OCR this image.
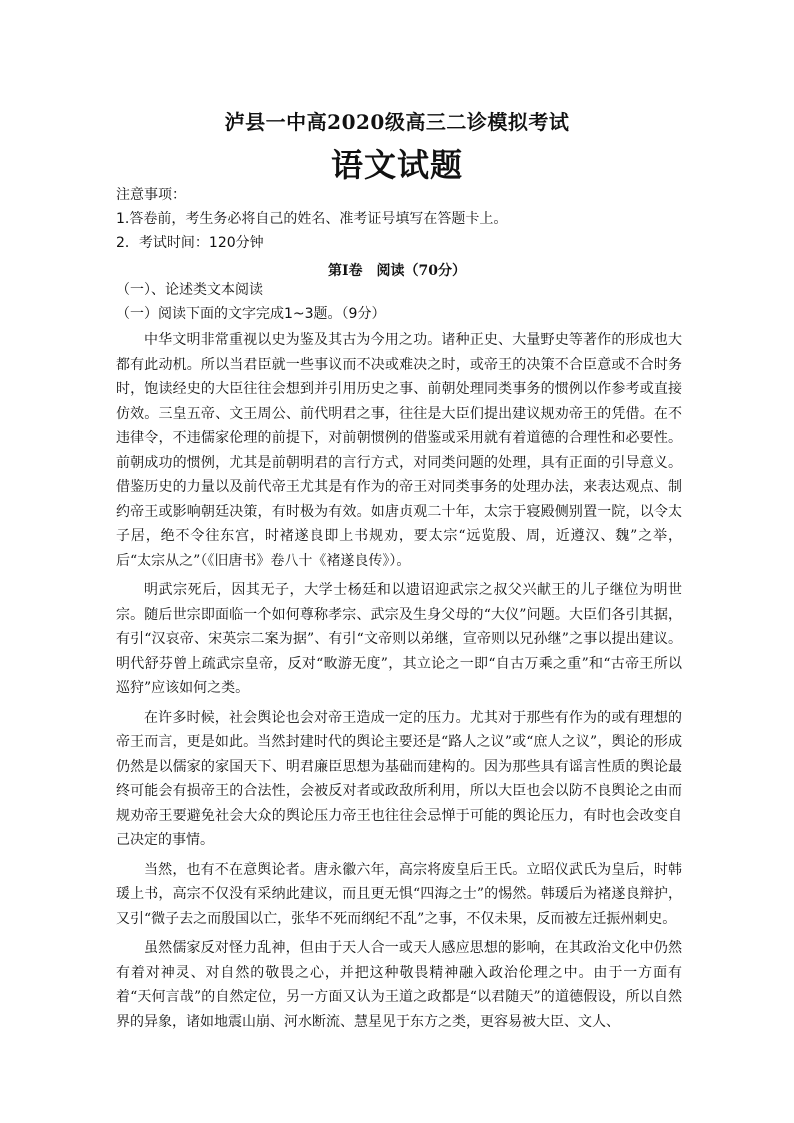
泸县一中高2020级高三二诊模拟考试
语文试题
注意事项：
1.答卷前，考生务必将自己的姓名、准考证号填写在答题卡上。
2．考试时间：120分钟
第I卷　阅读（70分）
（一）、论述类文本阅读
（一）阅读下面的文字完成1~3题。（9分）

中华文明非常重视以史为鉴及其古为今用之功。诸种正史、大量野史等著作的形成也大都有此动机。所以当君臣就一些事议而不决或难决之时，或帝王的决策不合臣意或不合时务时，饱读经史的大臣往往会想到并引用历史之事、前朝处理同类事务的惯例以作参考或直接仿效。三皇五帝、文王周公、前代明君之事，往往是大臣们提出建议规劝帝王的凭借。在不违律令，不违儒家伦理的前提下，对前朝惯例的借鉴或采用就有着道德的合理性和必要性。前朝成功的惯例，尤其是前朝明君的言行方式，对同类问题的处理，具有正面的引导意义。借鉴历史的力量以及前代帝王尤其是有作为的帝王对同类事务的处理办法，来表达观点、制约帝王或影响朝廷决策，有时极为有效。如唐贞观二十年，太宗于寝殿侧别置一院，以令太子居，绝不令往东宫，时褚遂良即上书规劝，要太宗“远览殷、周，近遵汉、魏”之举，后“太宗从之”（《旧唐书》卷八十《褚遂良传》）。

明武宗死后，因其无子，大学士杨廷和以遗诏迎武宗之叔父兴献王的儿子继位为明世宗。随后世宗即面临一个如何尊称孝宗、武宗及生身父母的“大仪”问题。大臣们各引其据，有引“汉哀帝、宋英宗二案为据”、有引“文帝则以弟继，宣帝则以兄孙继”之事以提出建议。明代舒芬曾上疏武宗皇帝，反对“畋游无度”，其立论之一即“自古万乘之重”和“古帝王所以巡狩”应该如何之类。

在许多时候，社会舆论也会对帝王造成一定的压力。尤其对于那些有作为的或有理想的帝王而言，更是如此。当然封建时代的舆论主要还是“路人之议”或“庶人之议”，舆论的形成仍然是以儒家的家国天下、明君廉臣思想为基础而建构的。因为那些具有谣言性质的舆论最终可能会有损帝王的合法性，会被反对者或政敌所利用，所以大臣也会以防不良舆论之由而规劝帝王要避免社会大众的舆论压力帝王也往往会忌惮于可能的舆论压力，有时也会改变自己决定的事情。

当然，也有不在意舆论者。唐永徽六年，高宗将废皇后王氏。立昭仪武氏为皇后，时韩瑗上书，高宗不仅没有采纳此建议，而且更无惧“四海之士”的惕然。韩瑗后为褚遂良辩护，又引“微子去之而殷国以亡，张华不死而纲纪不乱”之事，不仅未果，反而被左迁振州刺史。

虽然儒家反对怪力乱神，但由于天人合一或天人感应思想的影响，在其政治文化中仍然有着对神灵、对自然的敬畏之心，并把这种敬畏精神融入政治伦理之中。由于一方面有着“天何言哉”的自然定位，另一方面又认为王道之政都是“以君随天”的道德假设，所以自然界的异象，诸如地震山崩、河水断流、慧星见于东方之类，更容易被大臣、文人、
